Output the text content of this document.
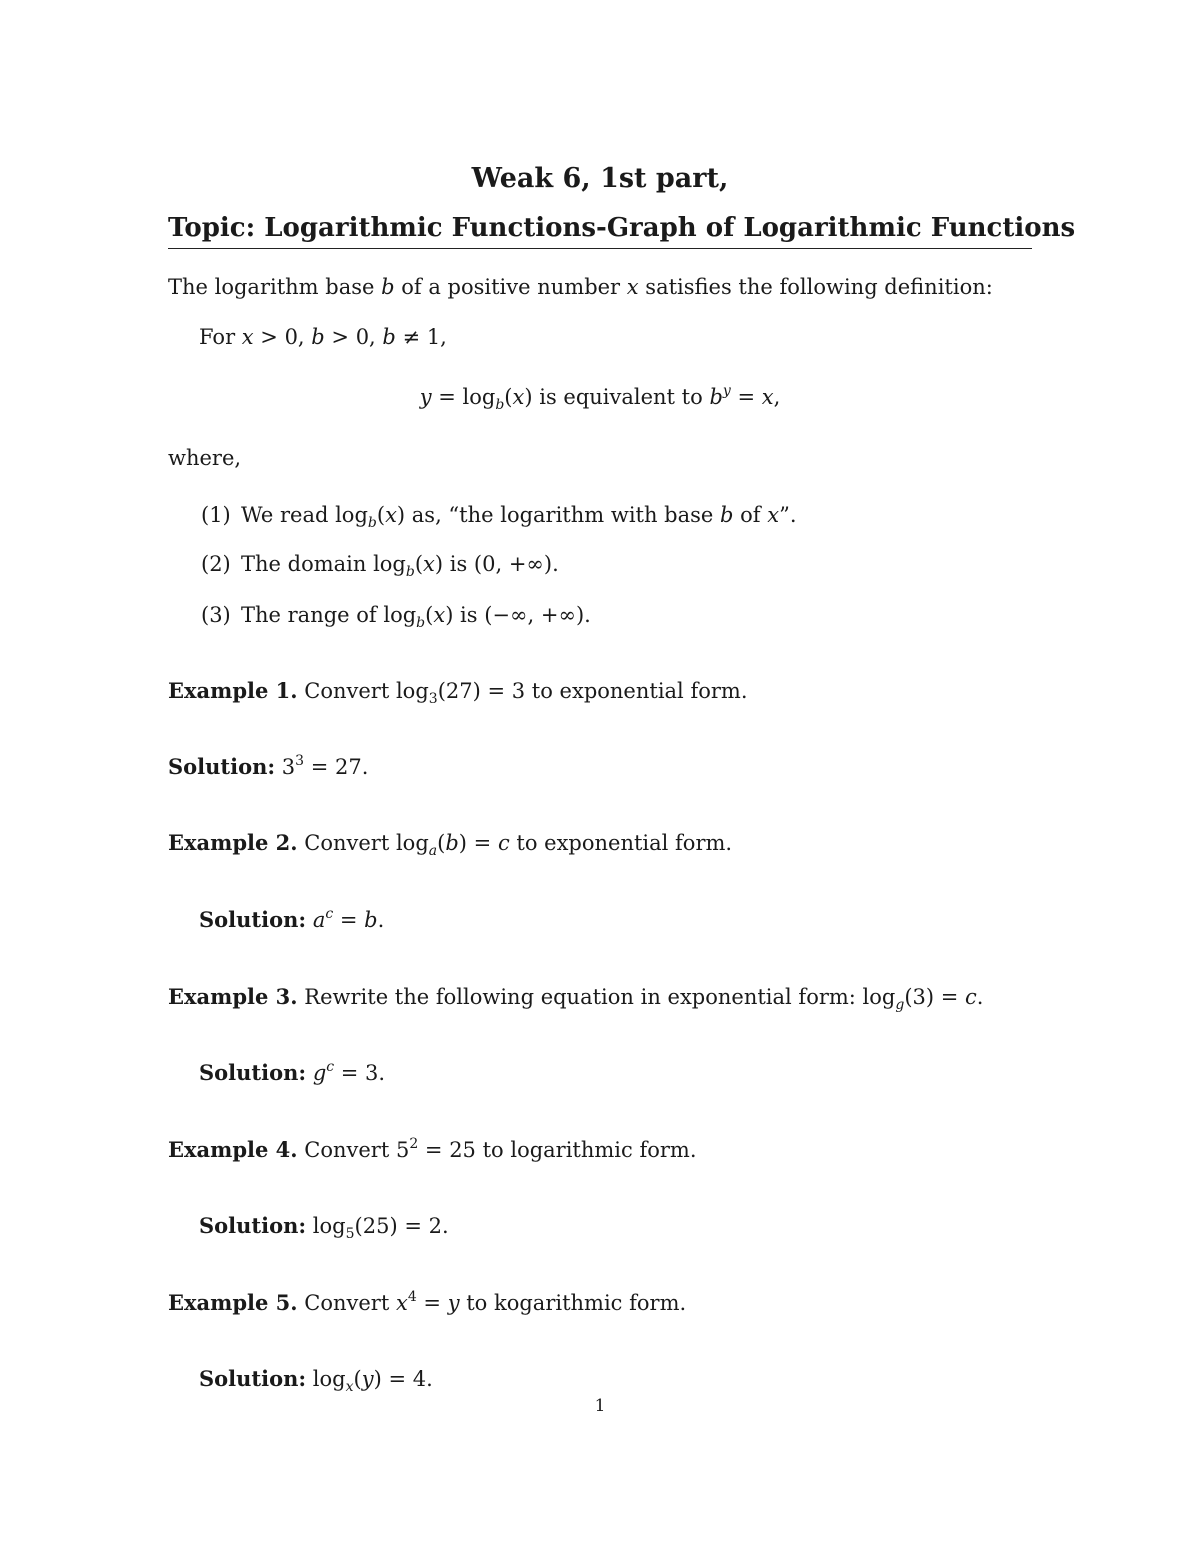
Weak 6, 1st part,
Topic: Logarithmic Functions-Graph of Logarithmic Functions
The logarithm base b of a positive number x satisfies the following definition:
For x > 0, b > 0, b ≠ 1,
$y = \log_b(x)$ is equivalent to $b^y = x$,
where,
(1) We read $\log_b(x)$ as, “the logarithm with base b of x”.
(2) The domain $\log_b(x)$ is (0, +∞).
(3) The range of $\log_b(x)$ is (−∞, +∞).
Example 1. Convert $\log_3(27) = 3$ to exponential form.
Solution: $3^3 = 27$.
Example 2. Convert $\log_a(b) = c$ to exponential form.
Solution: $a^c = b$.
Example 3. Rewrite the following equation in exponential form: $\log_g(3) = c$.
Solution: $g^c = 3$.
Example 4. Convert $5^2 = 25$ to logarithmic form.
Solution: $\log_5(25) = 2$.
Example 5. Convert $x^4 = y$ to kogarithmic form.
Solution: $\log_x(y) = 4$.
1
